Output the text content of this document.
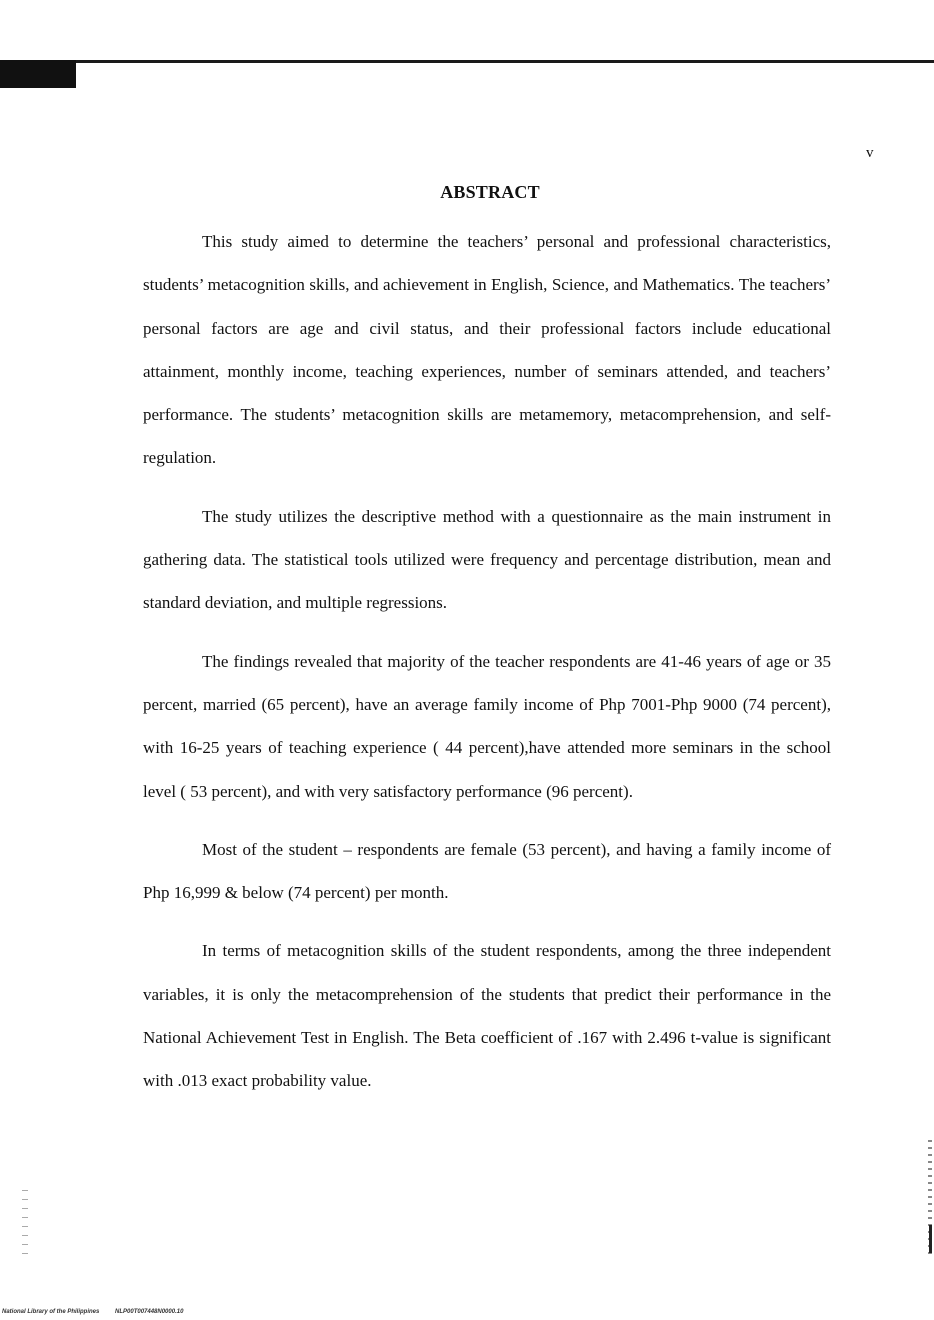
v
ABSTRACT

This study aimed to determine the teachers’ personal and professional characteristics, students’ metacognition skills, and achievement in English, Science, and Mathematics. The teachers’ personal factors are age and civil status, and their professional factors include educational attainment, monthly income, teaching experiences, number of seminars attended, and teachers’ performance. The students’ metacognition skills are metamemory, metacomprehension, and self- regulation.

The study utilizes the descriptive method with a questionnaire as the main instrument in gathering data. The statistical tools utilized were frequency and percentage distribution, mean and standard deviation, and multiple regressions.

The findings revealed that majority of the teacher respondents are 41-46 years of age or 35 percent, married (65 percent), have an average family income of Php 7001-Php 9000 (74 percent), with 16-25 years of teaching experience ( 44 percent),have attended more seminars in the school level ( 53 percent), and with very satisfactory performance (96 percent).

Most of the student – respondents are female (53 percent), and having a family income of Php 16,999 & below (74 percent) per month.

In terms of metacognition skills of the student respondents, among the three independent variables, it is only the metacomprehension of the students that predict their performance in the National Achievement Test in English. The Beta coefficient of .167 with 2.496 t-value is significant with .013 exact probability value.

National Library of the Philippines	NLP00T007448N0000.10
